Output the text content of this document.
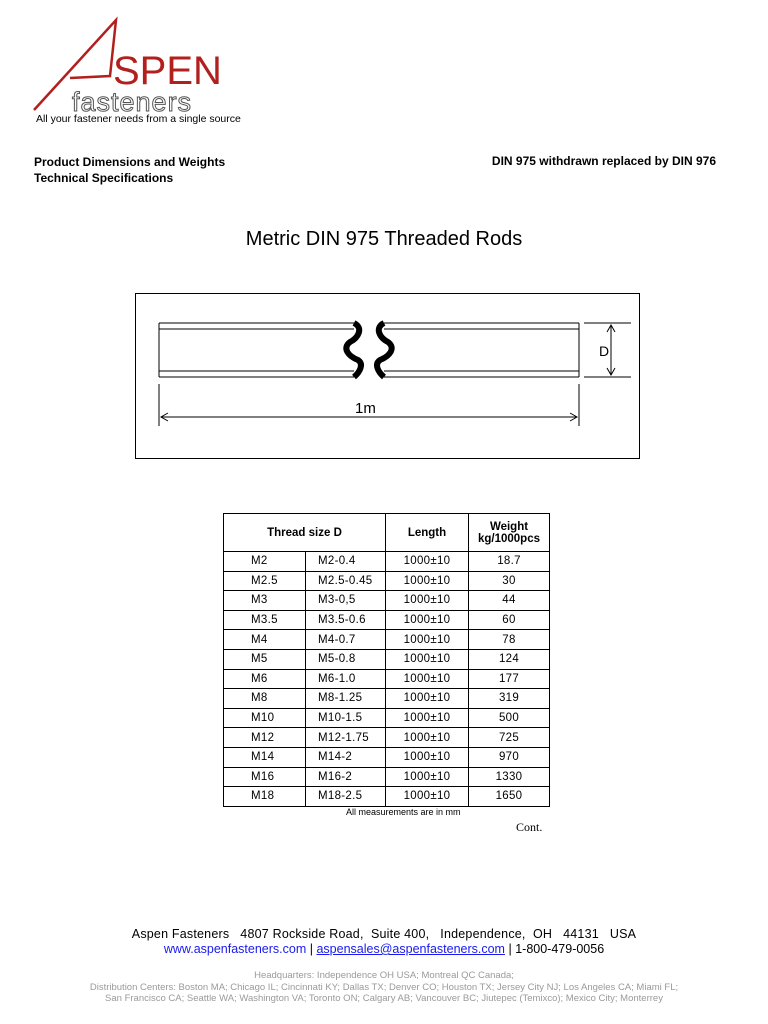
SPEN
fasteners
All your fastener needs from a single source
Product Dimensions and Weights
Technical Specifications
DIN 975 withdrawn replaced by DIN 976
Metric DIN 975 Threaded Rods
D
1m
Thread size D		Length	Weight kg/1000pcs
M2	M2-0.4	1000±10	18.7
M2.5	M2.5-0.45	1000±10	30
M3	M3-0,5	1000±10	44
M3.5	M3.5-0.6	1000±10	60
M4	M4-0.7	1000±10	78
M5	M5-0.8	1000±10	124
M6	M6-1.0	1000±10	177
M8	M8-1.25	1000±10	319
M10	M10-1.5	1000±10	500
M12	M12-1.75	1000±10	725
M14	M14-2	1000±10	970
M16	M16-2	1000±10	1330
M18	M18-2.5	1000±10	1650
All measurements are in mm
Cont.
Aspen Fasteners   4807 Rockside Road,  Suite 400,   Independence,  OH   44131   USA
www.aspenfasteners.com | aspensales@aspenfasteners.com | 1-800-479-0056
Headquarters: Independence OH USA; Montreal QC Canada;
Distribution Centers: Boston MA; Chicago IL; Cincinnati KY; Dallas TX; Denver CO; Houston TX; Jersey City NJ; Los Angeles CA; Miami FL;
San Francisco CA; Seattle WA; Washington VA; Toronto ON; Calgary AB; Vancouver BC; Jiutepec (Temixco); Mexico City; Monterrey
